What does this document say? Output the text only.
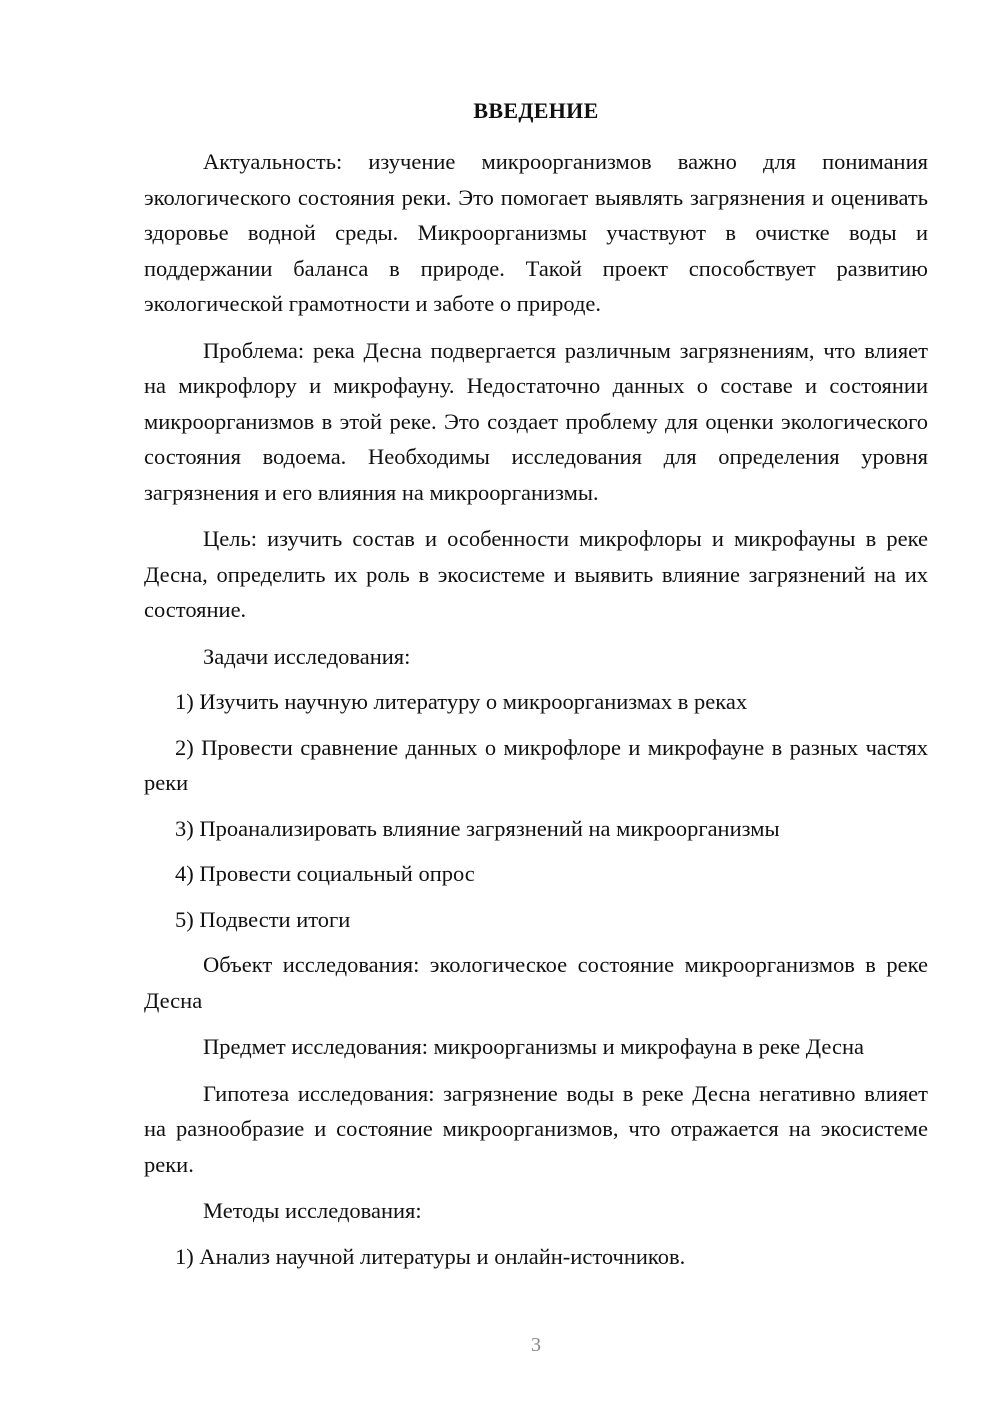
ВВЕДЕНИЕ
Актуальность: изучение микроорганизмов важно для понимания экологического состояния реки. Это помогает выявлять загрязнения и оценивать здоровье водной среды. Микроорганизмы участвуют в очистке воды и поддержании баланса в природе. Такой проект способствует развитию экологической грамотности и заботе о природе.
Проблема: река Десна подвергается различным загрязнениям, что влияет на микрофлору и микрофауну. Недостаточно данных о составе и состоянии микроорганизмов в этой реке. Это создает проблему для оценки экологического состояния водоема. Необходимы исследования для определения уровня загрязнения и его влияния на микроорганизмы.
Цель: изучить состав и особенности микрофлоры и микрофауны в реке Десна, определить их роль в экосистеме и выявить влияние загрязнений на их состояние.
Задачи исследования:
1) Изучить научную литературу о микроорганизмах в реках
2) Провести сравнение данных о микрофлоре и микрофауне в разных частях реки
3) Проанализировать влияние загрязнений на микроорганизмы
4) Провести социальный опрос
5) Подвести итоги
Объект исследования: экологическое состояние микроорганизмов в реке Десна
Предмет исследования: микроорганизмы и микрофауна в реке Десна
Гипотеза исследования: загрязнение воды в реке Десна негативно влияет на разнообразие и состояние микроорганизмов, что отражается на экосистеме реки.
Методы исследования:
1) Анализ научной литературы и онлайн-источников.
3
